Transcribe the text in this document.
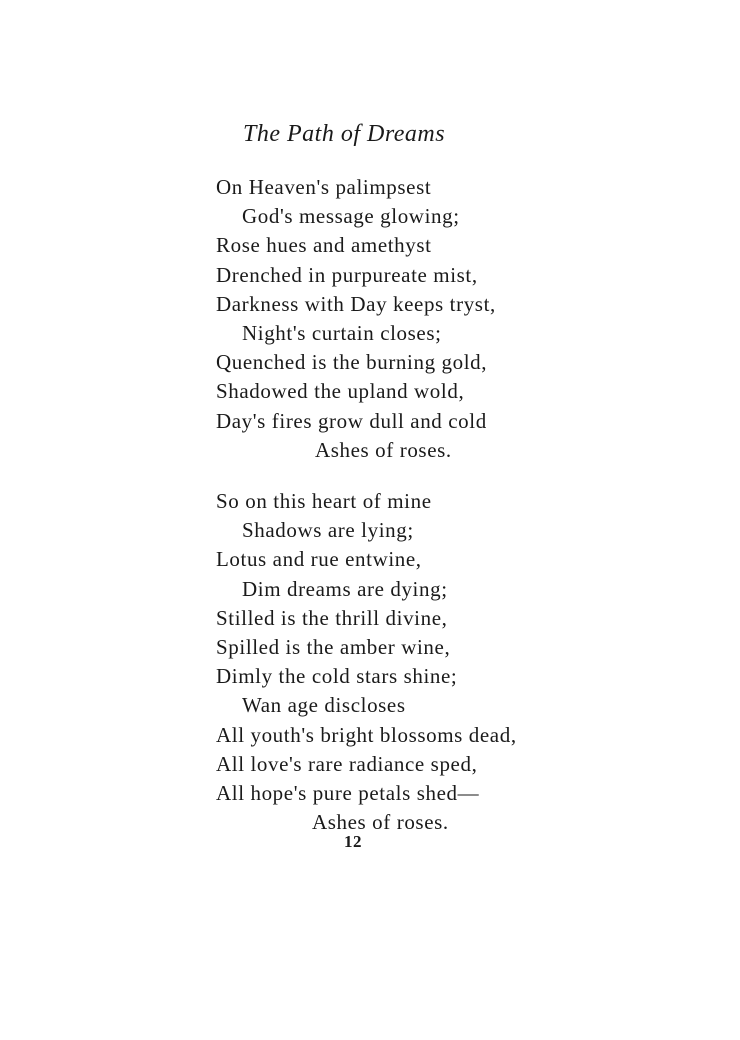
The Path of Dreams
On Heaven's palimpsest
God's message glowing;
Rose hues and amethyst
Drenched in purpureate mist,
Darkness with Day keeps tryst,
Night's curtain closes;
Quenched is the burning gold,
Shadowed the upland wold,
Day's fires grow dull and cold
Ashes of roses.
So on this heart of mine
Shadows are lying;
Lotus and rue entwine,
Dim dreams are dying;
Stilled is the thrill divine,
Spilled is the amber wine,
Dimly the cold stars shine;
Wan age discloses
All youth's bright blossoms dead,
All love's rare radiance sped,
All hope's pure petals shed—
Ashes of roses.
12
